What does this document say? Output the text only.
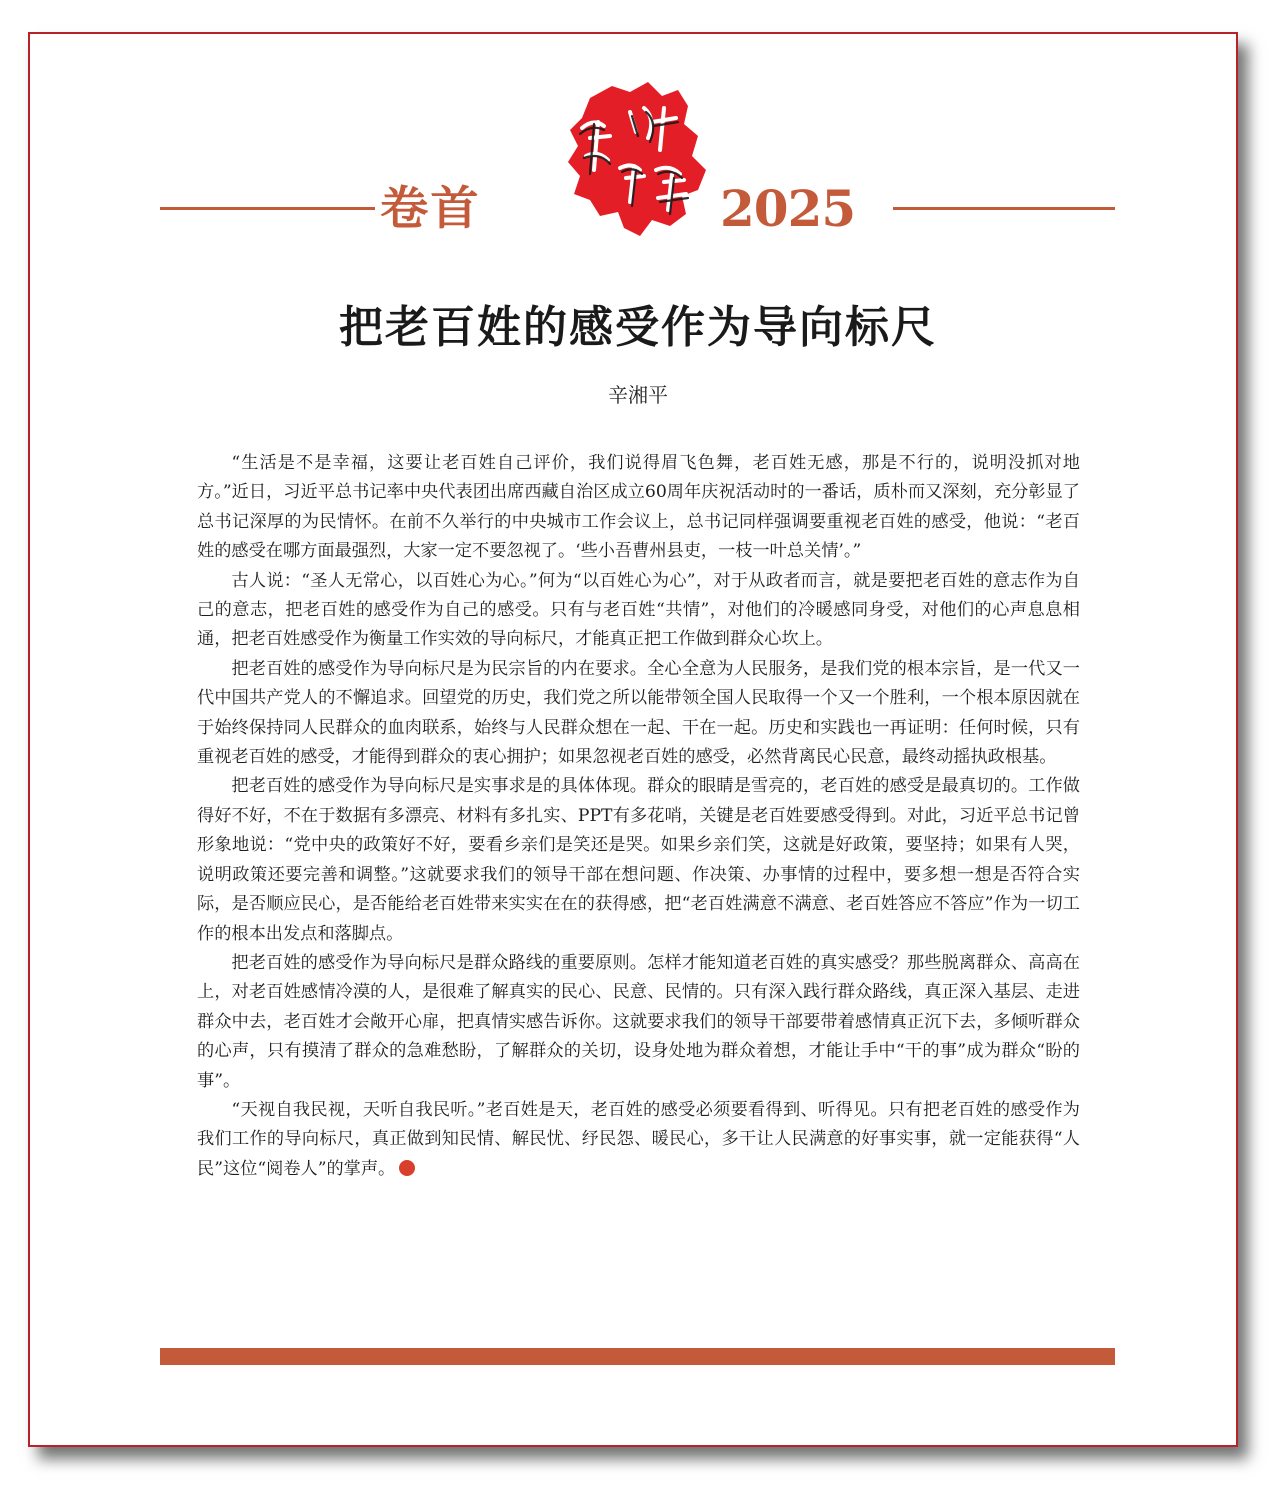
卷首	2025
把老百姓的感受作为导向标尺
辛湘平

“生活是不是幸福，这要让老百姓自己评价，我们说得眉飞色舞，老百姓无感，那是不行的，说明没抓对地方。”近日，习近平总书记率中央代表团出席西藏自治区成立60周年庆祝活动时的一番话，质朴而又深刻，充分彰显了总书记深厚的为民情怀。在前不久举行的中央城市工作会议上，总书记同样强调要重视老百姓的感受，他说：“老百姓的感受在哪方面最强烈，大家一定不要忽视了。‘些小吾曹州县吏，一枝一叶总关情’。”

古人说：“圣人无常心，以百姓心为心。”何为“以百姓心为心”，对于从政者而言，就是要把老百姓的意志作为自己的意志，把老百姓的感受作为自己的感受。只有与老百姓“共情”，对他们的冷暖感同身受，对他们的心声息息相通，把老百姓感受作为衡量工作实效的导向标尺，才能真正把工作做到群众心坎上。

把老百姓的感受作为导向标尺是为民宗旨的内在要求。全心全意为人民服务，是我们党的根本宗旨，是一代又一代中国共产党人的不懈追求。回望党的历史，我们党之所以能带领全国人民取得一个又一个胜利，一个根本原因就在于始终保持同人民群众的血肉联系，始终与人民群众想在一起、干在一起。历史和实践也一再证明：任何时候，只有重视老百姓的感受，才能得到群众的衷心拥护；如果忽视老百姓的感受，必然背离民心民意，最终动摇执政根基。

把老百姓的感受作为导向标尺是实事求是的具体体现。群众的眼睛是雪亮的，老百姓的感受是最真切的。工作做得好不好，不在于数据有多漂亮、材料有多扎实、PPT有多花哨，关键是老百姓要感受得到。对此，习近平总书记曾形象地说：“党中央的政策好不好，要看乡亲们是笑还是哭。如果乡亲们笑，这就是好政策，要坚持；如果有人哭，说明政策还要完善和调整。”这就要求我们的领导干部在想问题、作决策、办事情的过程中，要多想一想是否符合实际，是否顺应民心，是否能给老百姓带来实实在在的获得感，把“老百姓满意不满意、老百姓答应不答应”作为一切工作的根本出发点和落脚点。

把老百姓的感受作为导向标尺是群众路线的重要原则。怎样才能知道老百姓的真实感受？那些脱离群众、高高在上，对老百姓感情冷漠的人，是很难了解真实的民心、民意、民情的。只有深入践行群众路线，真正深入基层、走进群众中去，老百姓才会敞开心扉，把真情实感告诉你。这就要求我们的领导干部要带着感情真正沉下去，多倾听群众的心声，只有摸清了群众的急难愁盼，了解群众的关切，设身处地为群众着想，才能让手中“干的事”成为群众“盼的事”。

“天视自我民视，天听自我民听。”老百姓是天，老百姓的感受必须要看得到、听得见。只有把老百姓的感受作为我们工作的导向标尺，真正做到知民情、解民忧、纾民怨、暖民心，多干让人民满意的好事实事，就一定能获得“人民”这位“阅卷人”的掌声。
